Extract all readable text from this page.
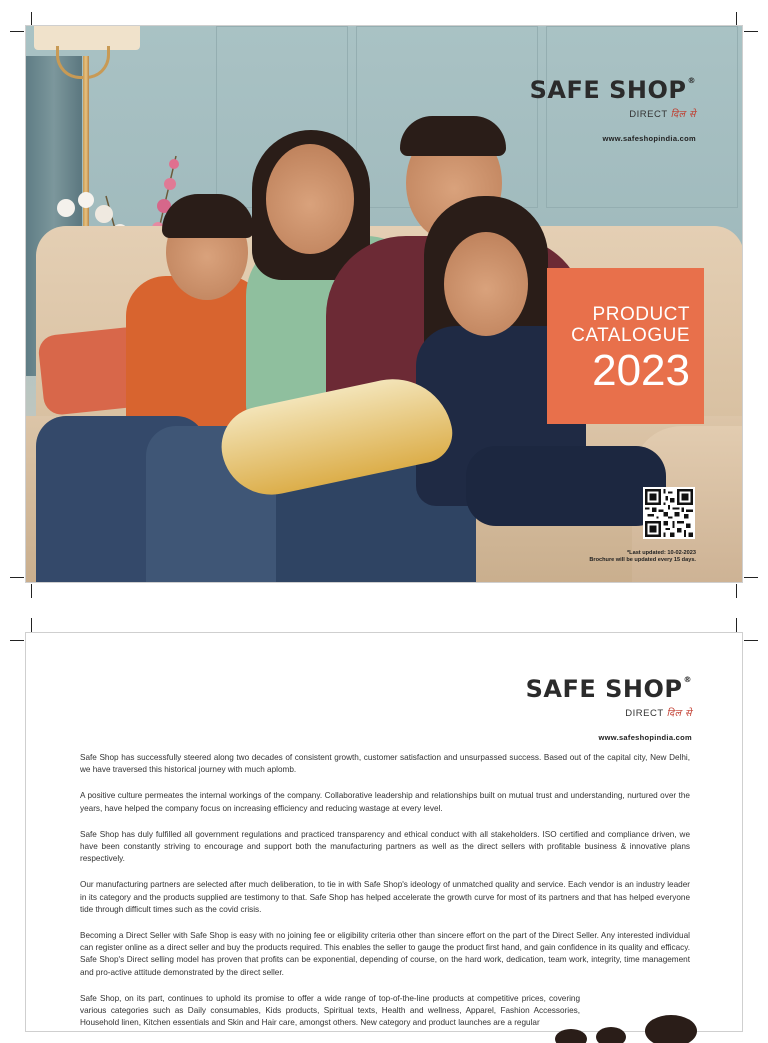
SAFE SHOP®
DIRECT दिल से
www.safeshopindia.com
PRODUCT
CATALOGUE
2023
*Last updated: 10-02-2023
Brochure will be updated every 15 days.
SAFE SHOP®
DIRECT दिल से
www.safeshopindia.com

Safe Shop has successfully steered along two decades of consistent growth, customer satisfaction and unsurpassed success. Based out of the capital city, New Delhi, we have traversed this historical journey with much aplomb.

A positive culture permeates the internal workings of the company. Collaborative leadership and relationships built on mutual trust and understanding, nurtured over the years, have helped the company focus on increasing efficiency and reducing wastage at every level.

Safe Shop has duly fulfilled all government regulations and practiced transparency and ethical conduct with all stakeholders. ISO certified and compliance driven, we have been constantly striving to encourage and support both the manufacturing partners as well as the direct sellers with profitable business & innovative plans respectively.

Our manufacturing partners are selected after much deliberation, to tie in with Safe Shop's ideology of unmatched quality and service. Each vendor is an industry leader in its category and the products supplied are testimony to that. Safe Shop has helped accelerate the growth curve for most of its partners and that has helped everyone tide through difficult times such as the covid crisis.

Becoming a Direct Seller with Safe Shop is easy with no joining fee or eligibility criteria other than sincere effort on the part of the Direct Seller. Any interested individual can register online as a direct seller and buy the products required. This enables the seller to gauge the product first hand, and gain confidence in its quality and efficacy. Safe Shop's Direct selling model has proven that profits can be exponential, depending of course, on the hard work, dedication, team work, integrity, time management and pro-active attitude demonstrated by the direct seller.

Safe Shop, on its part, continues to uphold its promise to offer a wide range of top-of-the-line products at competitive prices, covering various categories such as Daily consumables, Kids products, Spiritual texts, Health and wellness, Apparel, Fashion Accessories, Household linen, Kitchen essentials and Skin and Hair care, amongst others. New category and product launches are a regular
